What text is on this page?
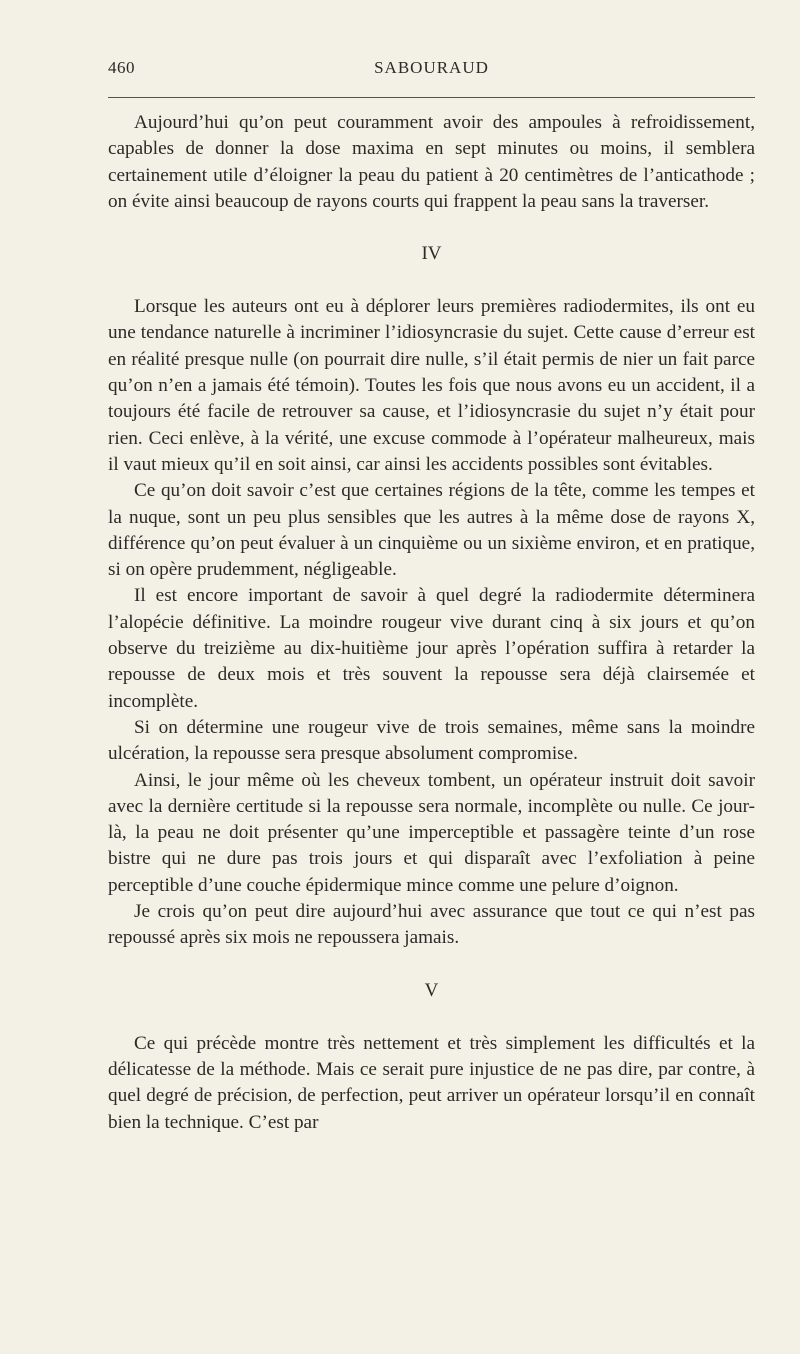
460	SABOURAUD

Aujourd’hui qu’on peut couramment avoir des ampoules à refroidissement, capables de donner la dose maxima en sept minutes ou moins, il semblera certainement utile d’éloigner la peau du patient à 20 centimètres de l’anticathode ; on évite ainsi beaucoup de rayons courts qui frappent la peau sans la traverser.

IV

Lorsque les auteurs ont eu à déplorer leurs premières radiodermites, ils ont eu une tendance naturelle à incriminer l’idiosyncrasie du sujet. Cette cause d’erreur est en réalité presque nulle (on pourrait dire nulle, s’il était permis de nier un fait parce qu’on n’en a jamais été témoin). Toutes les fois que nous avons eu un accident, il a toujours été facile de retrouver sa cause, et l’idiosyncrasie du sujet n’y était pour rien. Ceci enlève, à la vérité, une excuse commode à l’opérateur malheureux, mais il vaut mieux qu’il en soit ainsi, car ainsi les accidents possibles sont évitables.

Ce qu’on doit savoir c’est que certaines régions de la tête, comme les tempes et la nuque, sont un peu plus sensibles que les autres à la même dose de rayons X, différence qu’on peut évaluer à un cinquième ou un sixième environ, et en pratique, si on opère prudemment, négligeable.

Il est encore important de savoir à quel degré la radiodermite déterminera l’alopécie définitive. La moindre rougeur vive durant cinq à six jours et qu’on observe du treizième au dix-huitième jour après l’opération suffira à retarder la repousse de deux mois et très souvent la repousse sera déjà clairsemée et incomplète.

Si on détermine une rougeur vive de trois semaines, même sans la moindre ulcération, la repousse sera presque absolument compromise.

Ainsi, le jour même où les cheveux tombent, un opérateur instruit doit savoir avec la dernière certitude si la repousse sera normale, incomplète ou nulle. Ce jour-là, la peau ne doit présenter qu’une imperceptible et passagère teinte d’un rose bistre qui ne dure pas trois jours et qui disparaît avec l’exfoliation à peine perceptible d’une couche épidermique mince comme une pelure d’oignon.

Je crois qu’on peut dire aujourd’hui avec assurance que tout ce qui n’est pas repoussé après six mois ne repoussera jamais.

V

Ce qui précède montre très nettement et très simplement les difficultés et la délicatesse de la méthode. Mais ce serait pure injustice de ne pas dire, par contre, à quel degré de précision, de perfection, peut arriver un opérateur lorsqu’il en connaît bien la technique. C’est par
